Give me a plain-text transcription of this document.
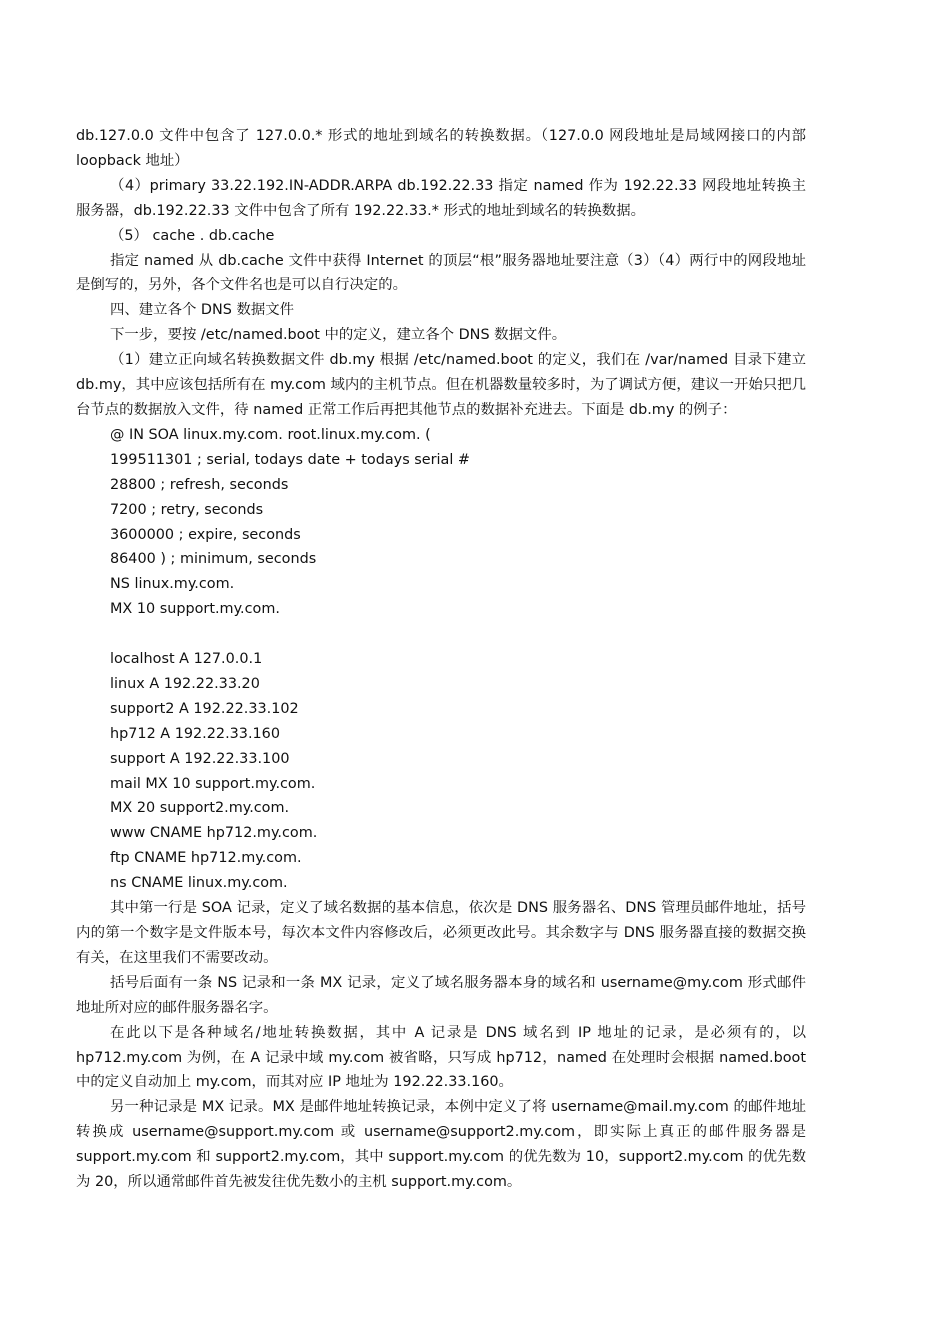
db.127.0.0 文件中包含了 127.0.0.* 形式的地址到域名的转换数据。（127.0.0 网段地址是局域网接口的内部 loopback 地址）

（4）primary 33.22.192.IN-ADDR.ARPA db.192.22.33 指定 named 作为 192.22.33 网段地址转换主服务器，db.192.22.33 文件中包含了所有 192.22.33.* 形式的地址到域名的转换数据。

（5） cache . db.cache

指定 named 从 db.cache 文件中获得 Internet 的顶层“根”服务器地址要注意（3）（4）两行中的网段地址是倒写的，另外，各个文件名也是可以自行决定的。

四、建立各个 DNS 数据文件

下一步，要按 /etc/named.boot 中的定义，建立各个 DNS 数据文件。

（1）建立正向域名转换数据文件 db.my 根据 /etc/named.boot 的定义，我们在 /var/named 目录下建立 db.my，其中应该包括所有在 my.com 域内的主机节点。但在机器数量较多时，为了调试方便，建议一开始只把几台节点的数据放入文件，待 named 正常工作后再把其他节点的数据补充进去。下面是 db.my 的例子：

@ IN SOA linux.my.com. root.linux.my.com. (
199511301 ; serial, todays date + todays serial #
28800 ; refresh, seconds
7200 ; retry, seconds
3600000 ; expire, seconds
86400 ) ; minimum, seconds
NS linux.my.com.
MX 10 support.my.com.
localhost A 127.0.0.1
linux A 192.22.33.20
support2 A 192.22.33.102
hp712 A 192.22.33.160
support A 192.22.33.100
mail MX 10 support.my.com.
MX 20 support2.my.com.
www CNAME hp712.my.com.
ftp CNAME hp712.my.com.
ns CNAME linux.my.com.

其中第一行是 SOA 记录，定义了域名数据的基本信息，依次是 DNS 服务器名、DNS 管理员邮件地址，括号内的第一个数字是文件版本号，每次本文件内容修改后，必须更改此号。其余数字与 DNS 服务器直接的数据交换有关，在这里我们不需要改动。

括号后面有一条 NS 记录和一条 MX 记录，定义了域名服务器本身的域名和 username@my.com 形式邮件地址所对应的邮件服务器名字。

在此以下是各种域名/地址转换数据，其中 A 记录是 DNS 域名到 IP 地址的记录，是必须有的，以 hp712.my.com 为例，在 A 记录中域 my.com 被省略，只写成 hp712，named 在处理时会根据 named.boot 中的定义自动加上 my.com，而其对应 IP 地址为 192.22.33.160。

另一种记录是 MX 记录。MX 是邮件地址转换记录，本例中定义了将 username@mail.my.com 的邮件地址转换成 username@support.my.com 或 username@support2.my.com，即实际上真正的邮件服务器是 support.my.com 和 support2.my.com，其中 support.my.com 的优先数为 10，support2.my.com 的优先数为 20，所以通常邮件首先被发往优先数小的主机 support.my.com。
